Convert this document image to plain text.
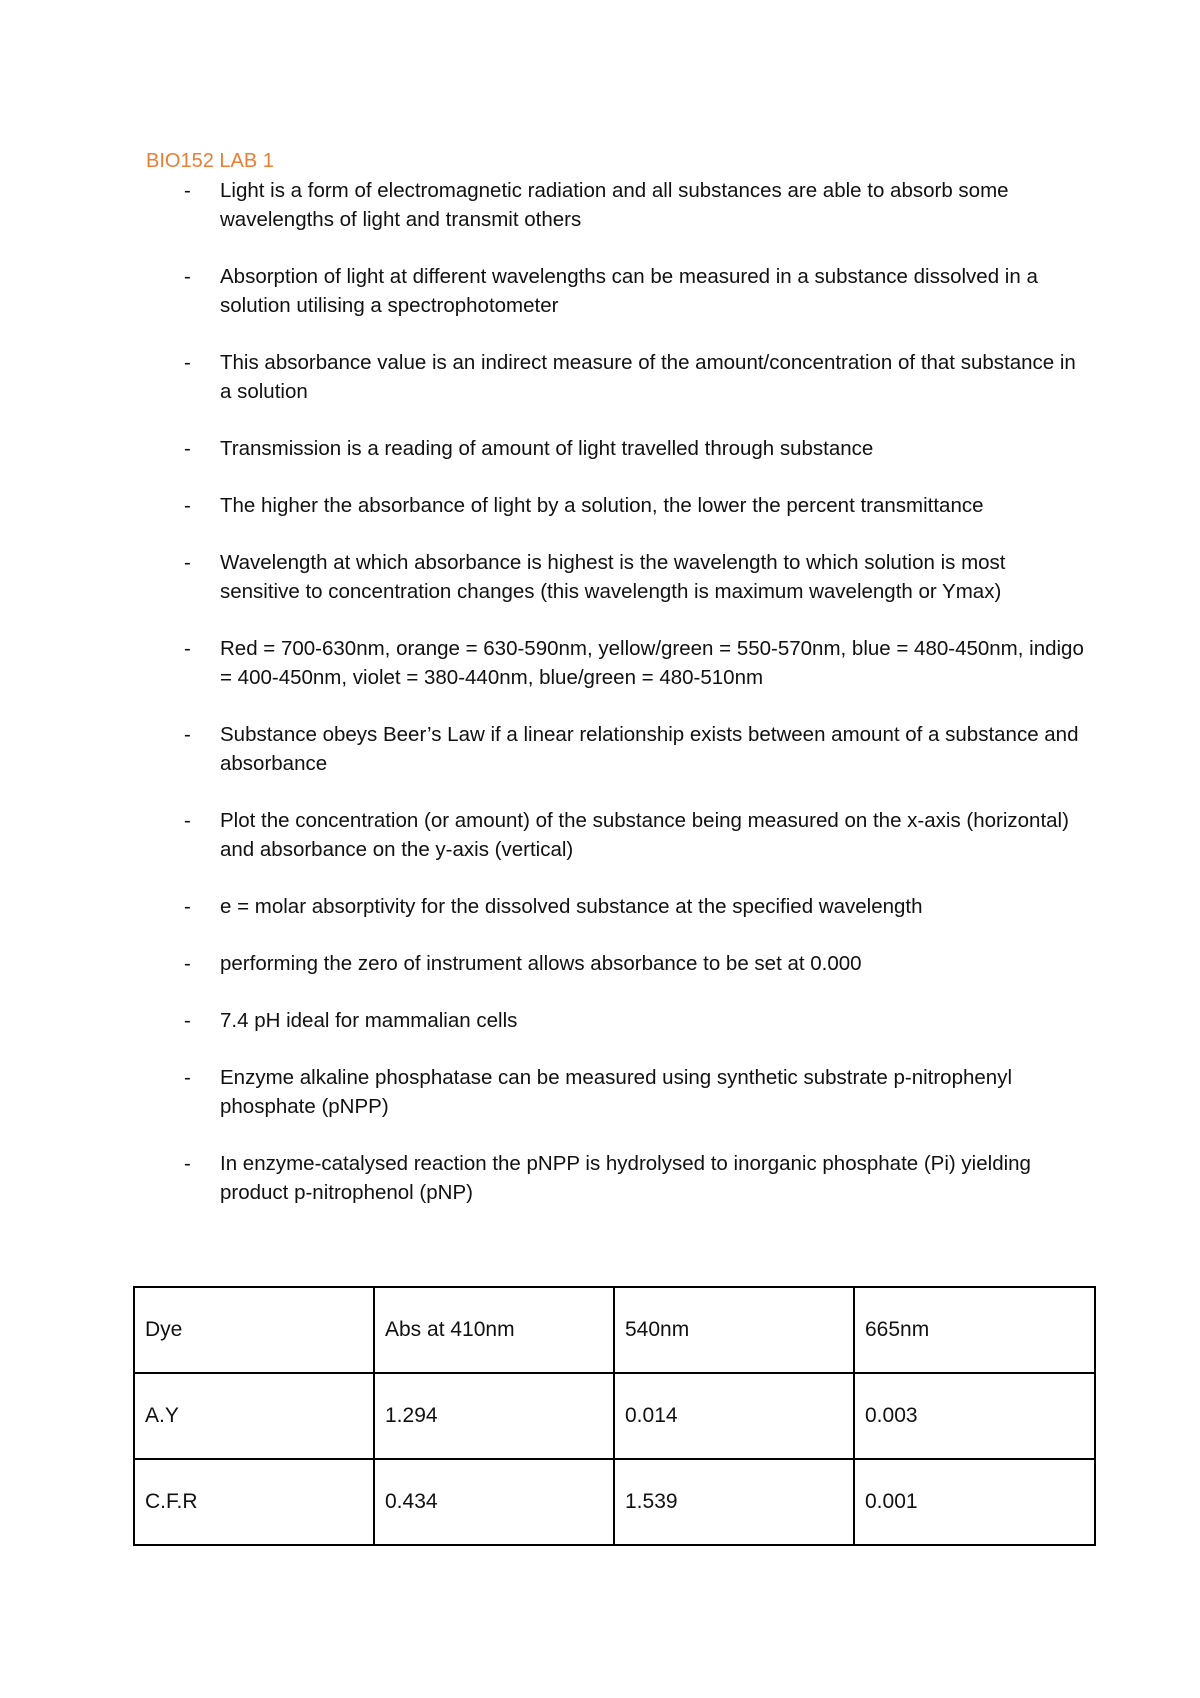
BIO152 LAB 1
-	Light is a form of electromagnetic radiation and all substances are able to absorb some wavelengths of light and transmit others
-	Absorption of light at different wavelengths can be measured in a substance dissolved in a solution utilising a spectrophotometer
-	This absorbance value is an indirect measure of the amount/concentration of that substance in a solution
-	Transmission is a reading of amount of light travelled through substance
-	The higher the absorbance of light by a solution, the lower the percent transmittance
-	Wavelength at which absorbance is highest is the wavelength to which solution is most sensitive to concentration changes (this wavelength is maximum wavelength or Ymax)
-	Red = 700-630nm, orange = 630-590nm, yellow/green = 550-570nm, blue = 480-450nm, indigo = 400-450nm, violet = 380-440nm, blue/green = 480-510nm
-	Substance obeys Beer’s Law if a linear relationship exists between amount of a substance and absorbance
-	Plot the concentration (or amount) of the substance being measured on the x-axis (horizontal) and absorbance on the y-axis (vertical)
-	e = molar absorptivity for the dissolved substance at the specified wavelength
-	performing the zero of instrument allows absorbance to be set at 0.000
-	7.4 pH ideal for mammalian cells
-	Enzyme alkaline phosphatase can be measured using synthetic substrate p-nitrophenyl phosphate (pNPP)
-	In enzyme-catalysed reaction the pNPP is hydrolysed to inorganic phosphate (Pi) yielding product p-nitrophenol (pNP)
Dye	Abs at 410nm	540nm	665nm
A.Y	1.294	0.014	0.003
C.F.R	0.434	1.539	0.001
